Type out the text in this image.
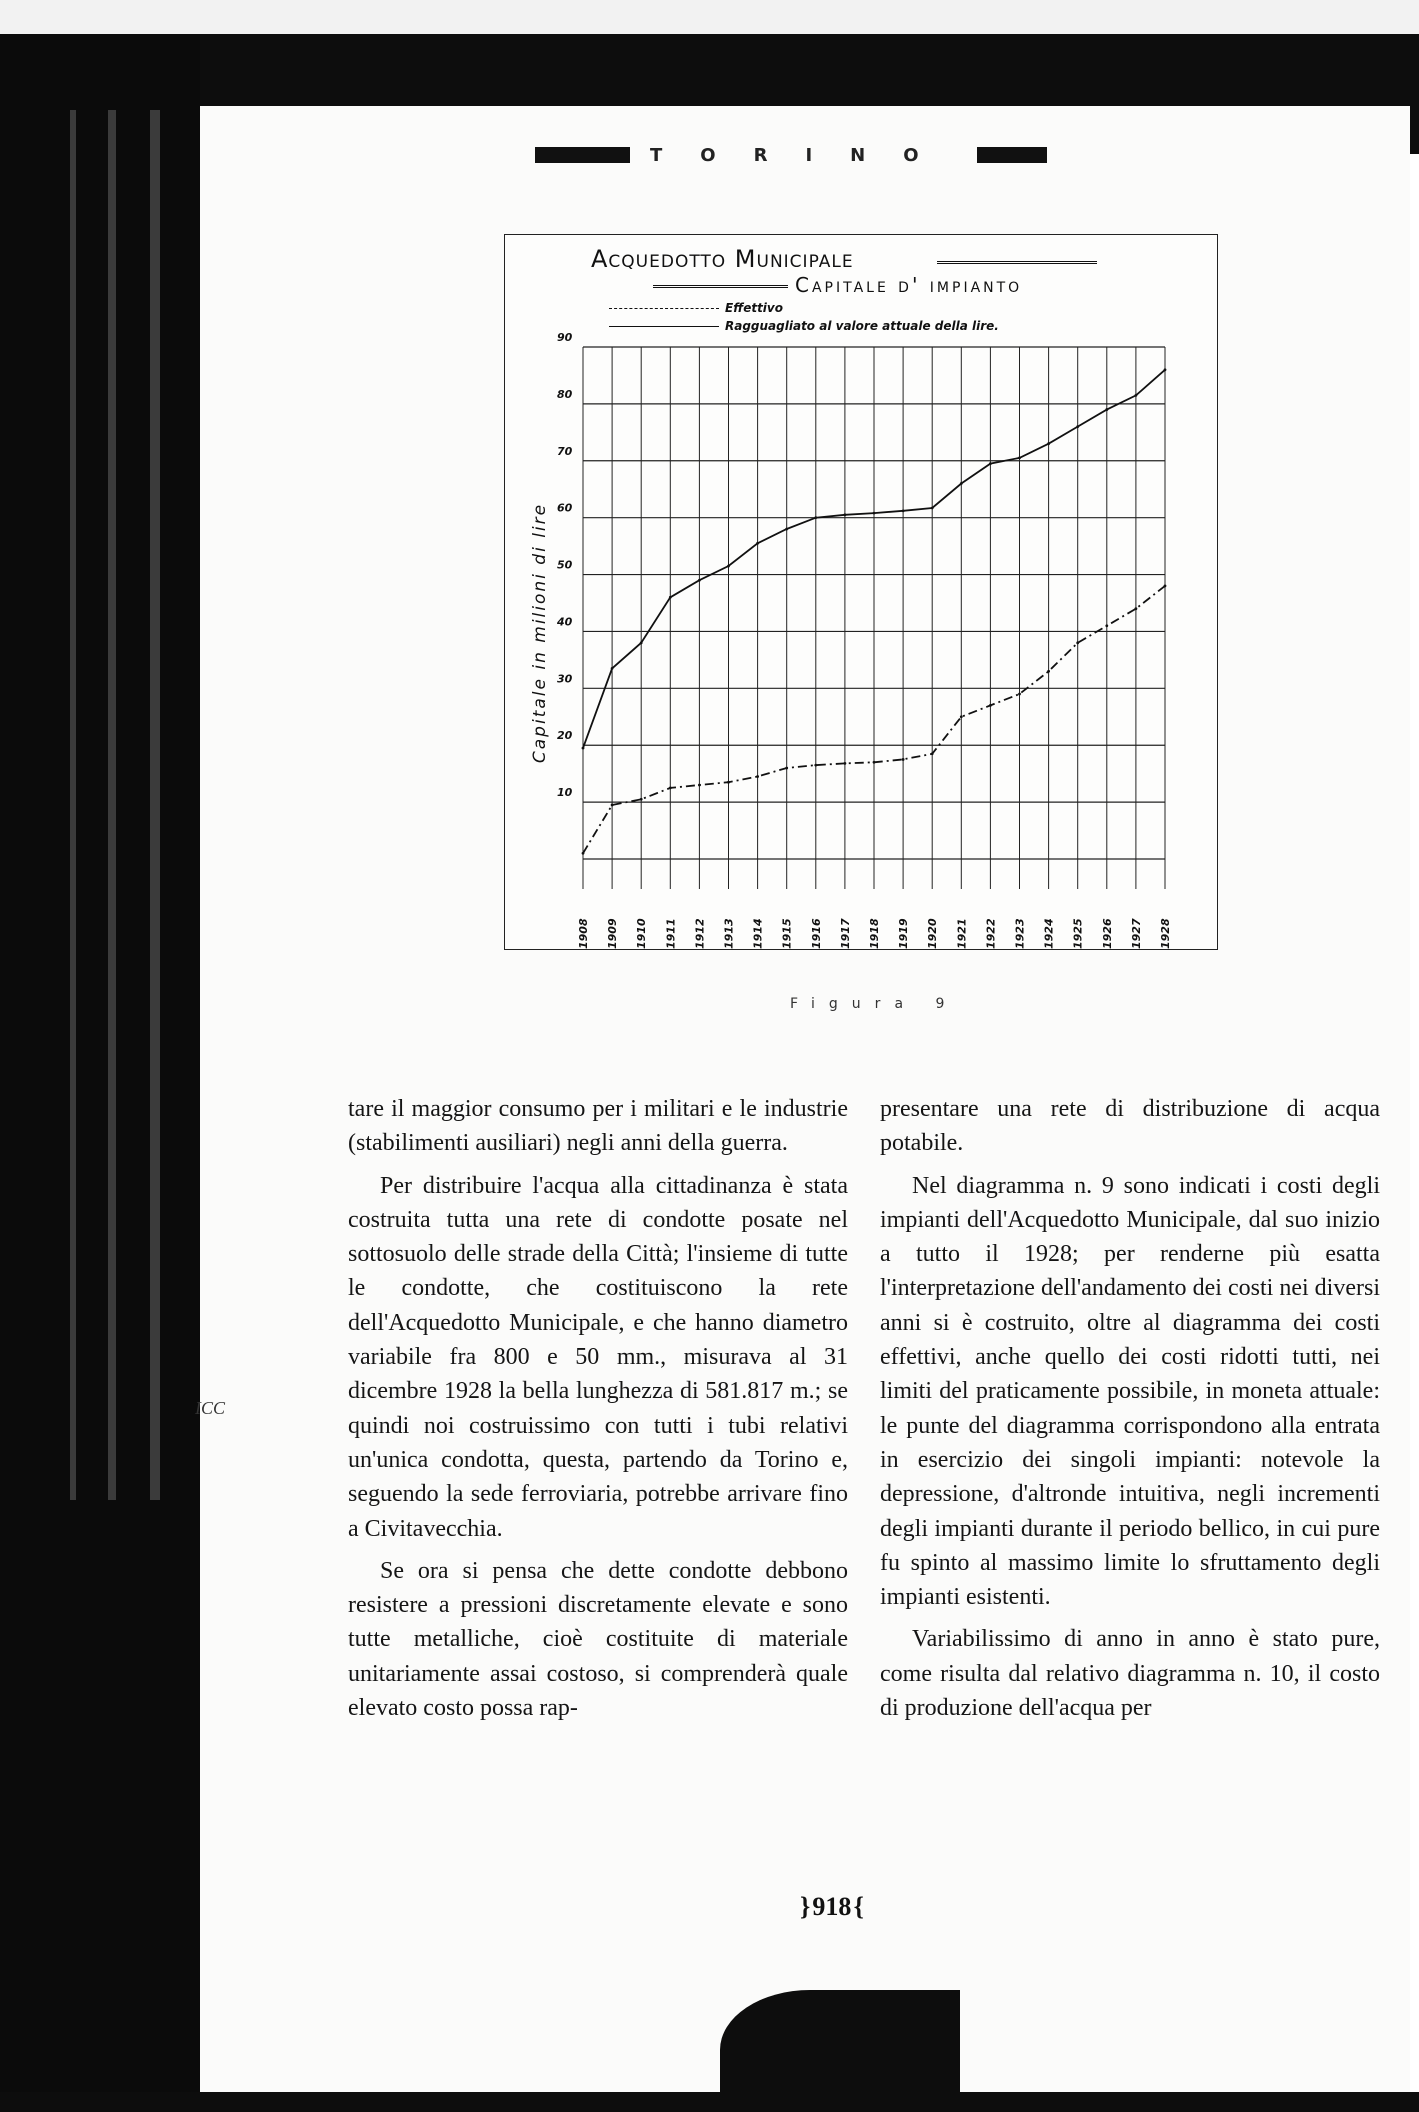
ICC
TORINO
10
20
30
40
50
60
70
80
90
1908 1909 1910 1911 1912 1913 1914 1915 1916 1917 1918 1919 1920 1921 1922 1923 1924 1925 1926 1927 1928
Capitale in milioni di lire
Acquedotto Municipale
Capitale d' impianto
Effettivo
Ragguagliato al valore attuale della lire.
Figura 9

tare il maggior consumo per i militari e le industrie (stabilimenti ausiliari) negli anni della guerra.

Per distribuire l'acqua alla cittadinanza è stata costruita tutta una rete di condotte posate nel sottosuolo delle strade della Città; l'insieme di tutte le condotte, che costituiscono la rete dell'Acquedotto Municipale, e che hanno diametro variabile fra 800 e 50 mm., misurava al 31 dicembre 1928 la bella lunghezza di 581.817 m.; se quindi noi costruissimo con tutti i tubi relativi un'unica condotta, questa, partendo da Torino e, seguendo la sede ferroviaria, potrebbe arrivare fino a Civitavecchia.

Se ora si pensa che dette condotte debbono resistere a pressioni discretamente elevate e sono tutte metalliche, cioè costituite di materiale unitariamente assai costoso, si comprenderà quale elevato costo possa rap-

presentare una rete di distribuzione di acqua potabile.

Nel diagramma n. 9 sono indicati i costi degli impianti dell'Acquedotto Municipale, dal suo inizio a tutto il 1928; per renderne più esatta l'interpretazione dell'andamento dei costi nei diversi anni si è costruito, oltre al diagramma dei costi effettivi, anche quello dei costi ridotti tutti, nei limiti del praticamente possibile, in moneta attuale: le punte del diagramma corrispondono alla entrata in esercizio dei singoli impianti: notevole la depressione, d'altronde intuitiva, negli incrementi degli impianti durante il periodo bellico, in cui pure fu spinto al massimo limite lo sfruttamento degli impianti esistenti.

Variabilissimo di anno in anno è stato pure, come risulta dal relativo diagramma n. 10, il costo di produzione dell'acqua per

} 918 {
